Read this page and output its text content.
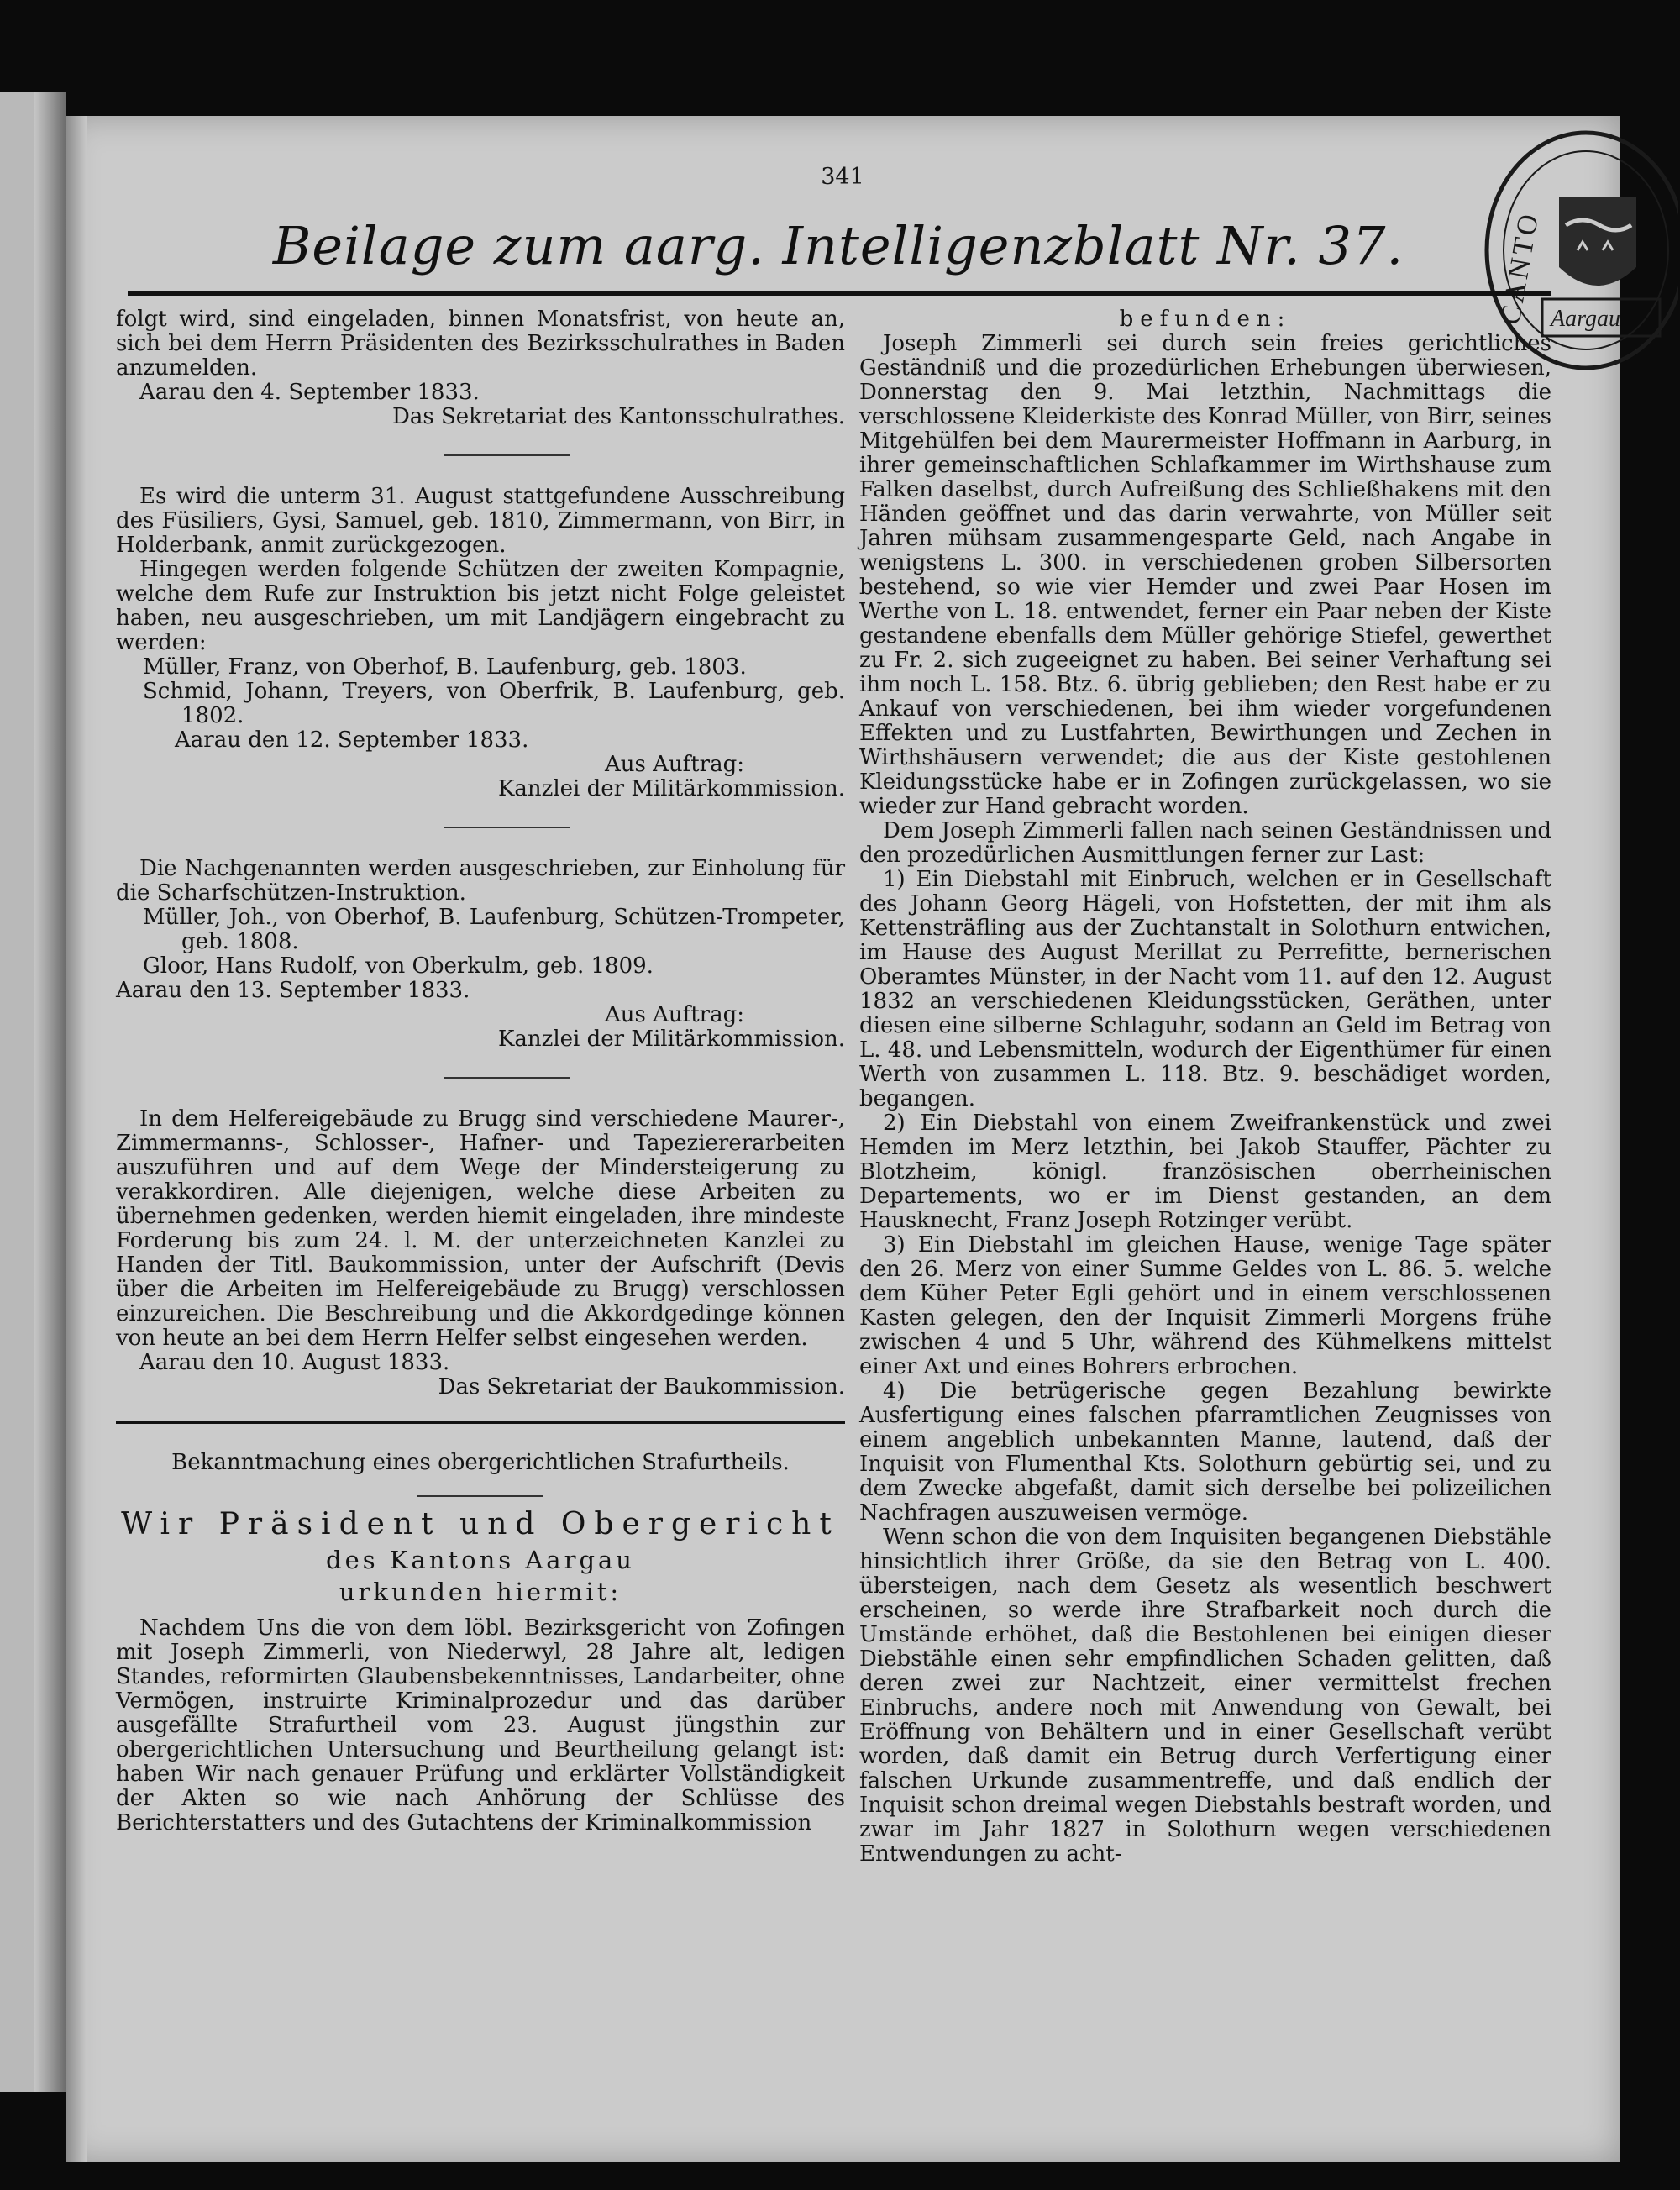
CANTO Aargau
341
Beilage zum aarg. Intelligenzblatt Nr. 37.

folgt wird, sind eingeladen, binnen Monatsfrist, von heute an, sich bei dem Herrn Präsidenten des Bezirksschulrathes in Baden anzumelden.

Aarau den 4. September 1833.

Das Sekretariat des Kantonsschulrathes.

Es wird die unterm 31. August stattgefundene Ausschreibung des Füsiliers, Gysi, Samuel, geb. 1810, Zimmermann, von Birr, in Holderbank, anmit zurückgezogen.

Hingegen werden folgende Schützen der zweiten Kompagnie, welche dem Rufe zur Instruktion bis jetzt nicht Folge geleistet haben, neu ausgeschrieben, um mit Landjägern eingebracht zu werden:

Müller, Franz, von Oberhof, B. Laufenburg, geb. 1803.

Schmid, Johann, Treyers, von Oberfrik, B. Laufenburg, geb. 1802.

Aarau den 12. September 1833.

Aus Auftrag:

Kanzlei der Militärkommission.

Die Nachgenannten werden ausgeschrieben, zur Einholung für die Scharfschützen-Instruktion.

Müller, Joh., von Oberhof, B. Laufenburg, Schützen-Trompeter, geb. 1808.

Gloor, Hans Rudolf, von Oberkulm, geb. 1809.

Aarau den 13. September 1833.

Aus Auftrag:

Kanzlei der Militärkommission.

In dem Helfereigebäude zu Brugg sind verschiedene Maurer-, Zimmermanns-, Schlosser-, Hafner- und Tapeziererarbeiten auszuführen und auf dem Wege der Mindersteigerung zu verakkordiren. Alle diejenigen, welche diese Arbeiten zu übernehmen gedenken, werden hiemit eingeladen, ihre mindeste Forderung bis zum 24. l. M. der unterzeichneten Kanzlei zu Handen der Titl. Baukommission, unter der Aufschrift (Devis über die Arbeiten im Helfereigebäude zu Brugg) verschlossen einzureichen. Die Beschreibung und die Akkordgedinge können von heute an bei dem Herrn Helfer selbst eingesehen werden.

Aarau den 10. August 1833.

Das Sekretariat der Baukommission.

Bekanntmachung eines obergerichtlichen Strafurtheils.

Wir Präsident und Obergericht

des Kantons Aargau

urkunden hiermit:

Nachdem Uns die von dem löbl. Bezirksgericht von Zofingen mit Joseph Zimmerli, von Niederwyl, 28 Jahre alt, ledigen Standes, reformirten Glaubensbekenntnisses, Landarbeiter, ohne Vermögen, instruirte Kriminalprozedur und das darüber ausgefällte Strafurtheil vom 23. August jüngsthin zur obergerichtlichen Untersuchung und Beurtheilung gelangt ist: haben Wir nach genauer Prüfung und erklärter Vollständigkeit der Akten so wie nach Anhörung der Schlüsse des Berichterstatters und des Gutachtens der Kriminalkommission

befunden:

Joseph Zimmerli sei durch sein freies gerichtliches Geständniß und die prozedürlichen Erhebungen überwiesen, Donnerstag den 9. Mai letzthin, Nachmittags die verschlossene Kleiderkiste des Konrad Müller, von Birr, seines Mitgehülfen bei dem Maurermeister Hoffmann in Aarburg, in ihrer gemeinschaftlichen Schlafkammer im Wirthshause zum Falken daselbst, durch Aufreißung des Schließhakens mit den Händen geöffnet und das darin verwahrte, von Müller seit Jahren mühsam zusammengesparte Geld, nach Angabe in wenigstens L. 300. in verschiedenen groben Silbersorten bestehend, so wie vier Hemder und zwei Paar Hosen im Werthe von L. 18. entwendet, ferner ein Paar neben der Kiste gestandene ebenfalls dem Müller gehörige Stiefel, gewerthet zu Fr. 2. sich zugeeignet zu haben. Bei seiner Verhaftung sei ihm noch L. 158. Btz. 6. übrig geblieben; den Rest habe er zu Ankauf von verschiedenen, bei ihm wieder vorgefundenen Effekten und zu Lustfahrten, Bewirthungen und Zechen in Wirthshäusern verwendet; die aus der Kiste gestohlenen Kleidungsstücke habe er in Zofingen zurückgelassen, wo sie wieder zur Hand gebracht worden.

Dem Joseph Zimmerli fallen nach seinen Geständnissen und den prozedürlichen Ausmittlungen ferner zur Last:

1) Ein Diebstahl mit Einbruch, welchen er in Gesellschaft des Johann Georg Hägeli, von Hofstetten, der mit ihm als Kettensträfling aus der Zuchtanstalt in Solothurn entwichen, im Hause des August Merillat zu Perrefitte, bernerischen Oberamtes Münster, in der Nacht vom 11. auf den 12. August 1832 an verschiedenen Kleidungsstücken, Geräthen, unter diesen eine silberne Schlaguhr, sodann an Geld im Betrag von L. 48. und Lebensmitteln, wodurch der Eigenthümer für einen Werth von zusammen L. 118. Btz. 9. beschädiget worden, begangen.

2) Ein Diebstahl von einem Zweifrankenstück und zwei Hemden im Merz letzthin, bei Jakob Stauffer, Pächter zu Blotzheim, königl. französischen oberrheinischen Departements, wo er im Dienst gestanden, an dem Hausknecht, Franz Joseph Rotzinger verübt.

3) Ein Diebstahl im gleichen Hause, wenige Tage später den 26. Merz von einer Summe Geldes von L. 86. 5. welche dem Küher Peter Egli gehört und in einem verschlossenen Kasten gelegen, den der Inquisit Zimmerli Morgens frühe zwischen 4 und 5 Uhr, während des Kühmelkens mittelst einer Axt und eines Bohrers erbrochen.

4) Die betrügerische gegen Bezahlung bewirkte Ausfertigung eines falschen pfarramtlichen Zeugnisses von einem angeblich unbekannten Manne, lautend, daß der Inquisit von Flumenthal Kts. Solothurn gebürtig sei, und zu dem Zwecke abgefaßt, damit sich derselbe bei polizeilichen Nachfragen auszuweisen vermöge.

Wenn schon die von dem Inquisiten begangenen Diebstähle hinsichtlich ihrer Größe, da sie den Betrag von L. 400. übersteigen, nach dem Gesetz als wesentlich beschwert erscheinen, so werde ihre Strafbarkeit noch durch die Umstände erhöhet, daß die Bestohlenen bei einigen dieser Diebstähle einen sehr empfindlichen Schaden gelitten, daß deren zwei zur Nachtzeit, einer vermittelst frechen Einbruchs, andere noch mit Anwendung von Gewalt, bei Eröffnung von Behältern und in einer Gesellschaft verübt worden, daß damit ein Betrug durch Verfertigung einer falschen Urkunde zusammentreffe, und daß endlich der Inquisit schon dreimal wegen Diebstahls bestraft worden, und zwar im Jahr 1827 in Solothurn wegen verschiedenen Entwendungen zu acht-
